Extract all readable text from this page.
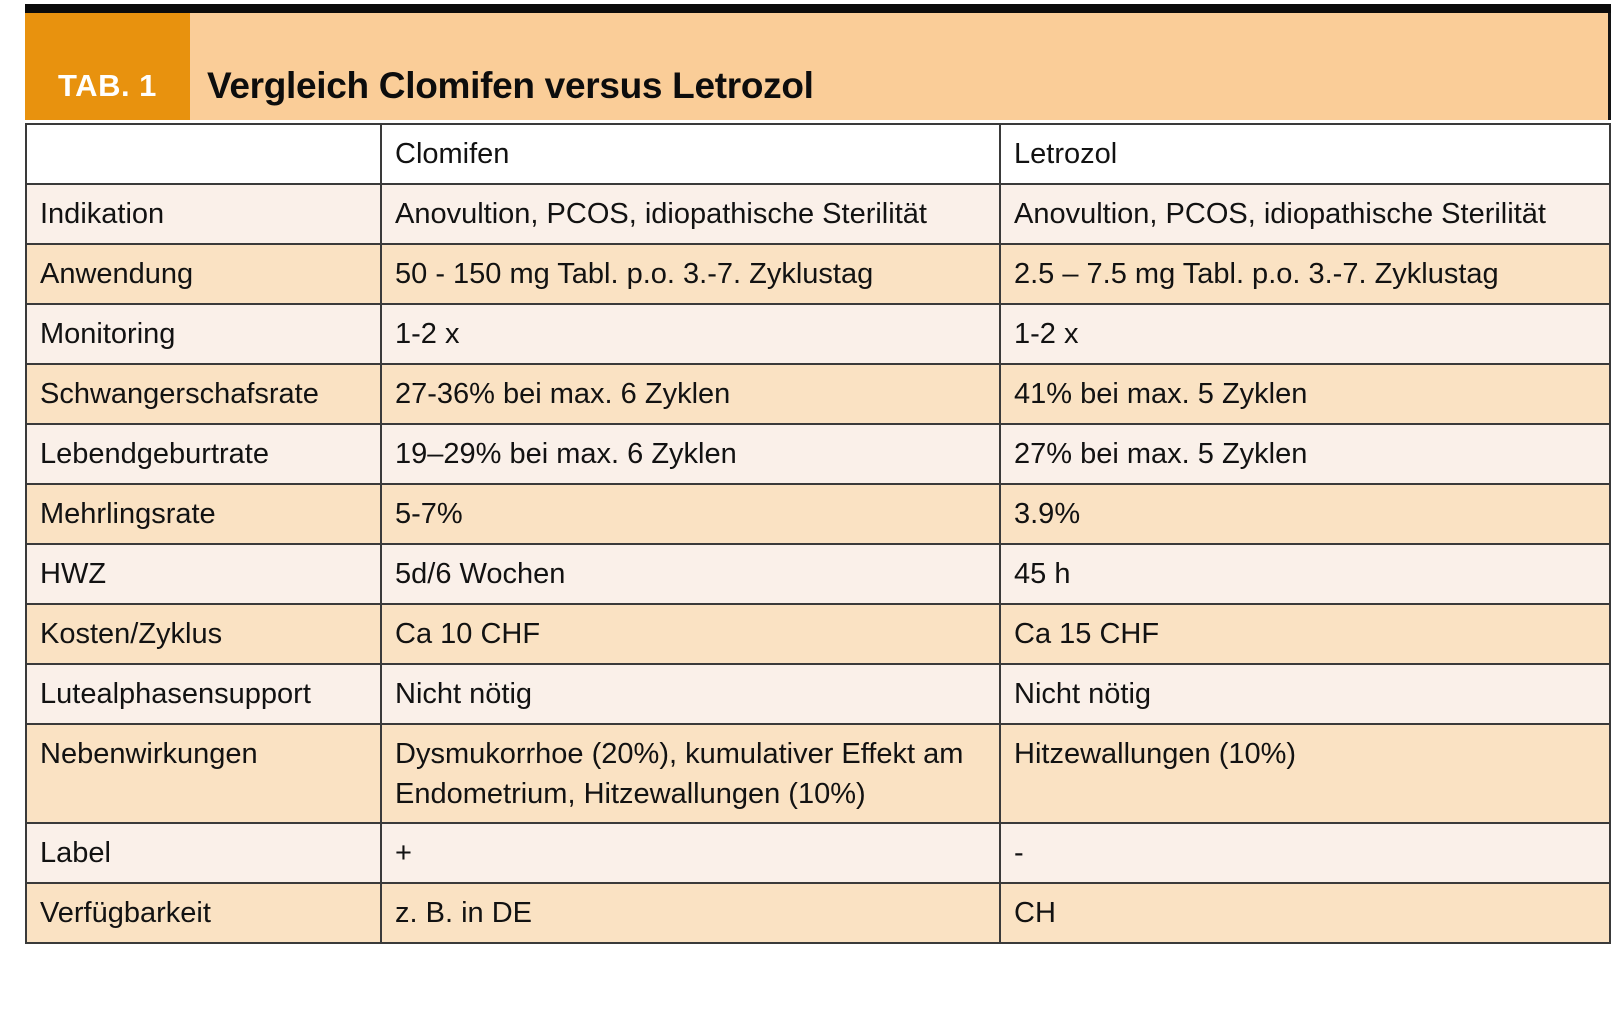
TAB. 1	Vergleich Clomifen versus Letrozol
	Clomifen	Letrozol
Indikation	Anovultion, PCOS, idiopathische Sterilität	Anovultion, PCOS, idiopathische Sterilität
Anwendung	50 - 150 mg Tabl. p.o. 3.-7. Zyklustag	2.5 – 7.5 mg Tabl. p.o. 3.-7. Zyklustag
Monitoring	1-2 x	1-2 x
Schwangerschafsrate	27-36% bei max. 6 Zyklen	41% bei max. 5 Zyklen
Lebendgeburtrate	19–29% bei max. 6 Zyklen	27% bei max. 5 Zyklen
Mehrlingsrate	5-7%	3.9%
HWZ	5d/6 Wochen	45 h
Kosten/Zyklus	Ca 10 CHF	Ca 15 CHF
Lutealphasensupport	Nicht nötig	Nicht nötig
Nebenwirkungen	Dysmukorrhoe (20%), kumulativer Effekt am Endometrium, Hitzewallungen (10%)	Hitzewallungen (10%)
Label	+	-
Verfügbarkeit	z. B. in DE	CH
